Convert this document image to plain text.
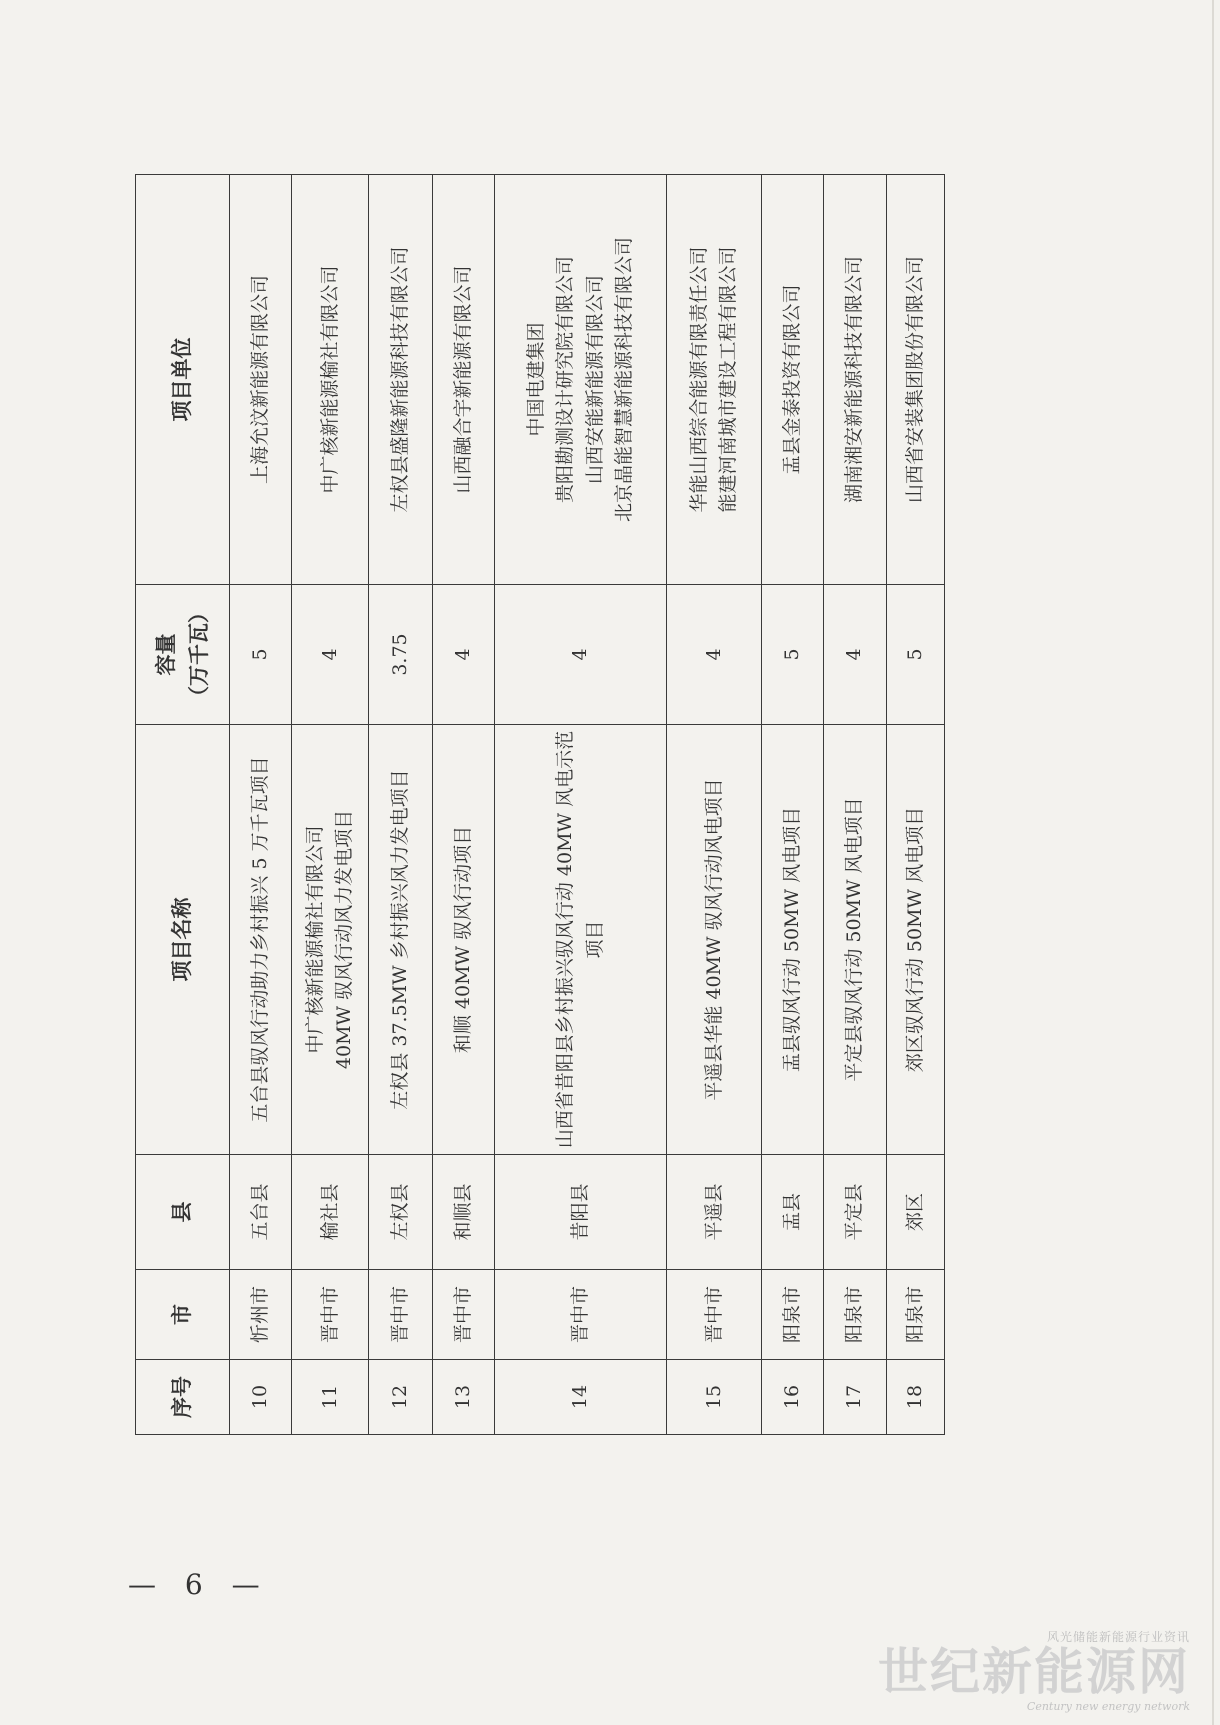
序号	市	县	项目名称	容量 （万千瓦）	项目单位
10	忻州市	五台县	五台县驭风行动助力乡村振兴 5 万千瓦项目	5	上海允汶新能源有限公司

11	晋中市	榆社县	中广核新能源榆社有限公司 40MW 驭风行动风力发电项目	4	中广核新能源榆社有限公司

12	晋中市	左权县	左权县 37.5MW 乡村振兴风力发电项目	3.75	左权县盛隆新能源科技有限公司

13	晋中市	和顺县	和顺 40MW 驭风行动项目	4	山西融合宇新能源有限公司

14	晋中市	昔阳县	山西省昔阳县乡村振兴驭风行动 40MW 风电示范项目	4	中国电建集团 贵阳勘测设计研究院有限公司 山西安能新能源有限公司 北京晶能智慧新能源科技有限公司

15	晋中市	平遥县	平遥县华能 40MW 驭风行动风电项目	4	华能山西综合能源有限责任公司 能建河南城市建设工程有限公司

16	阳泉市	盂县	盂县驭风行动 50MW 风电项目	5	盂县金泰投资有限公司

17	阳泉市	平定县	平定县驭风行动 50MW 风电项目	4	湖南湘安新能源科技有限公司

18	阳泉市	郊区	郊区驭风行动 50MW 风电项目	5	山西省安装集团股份有限公司
— 6 —
风光储能新能源行业资讯
世纪新能源网
Century new energy network
